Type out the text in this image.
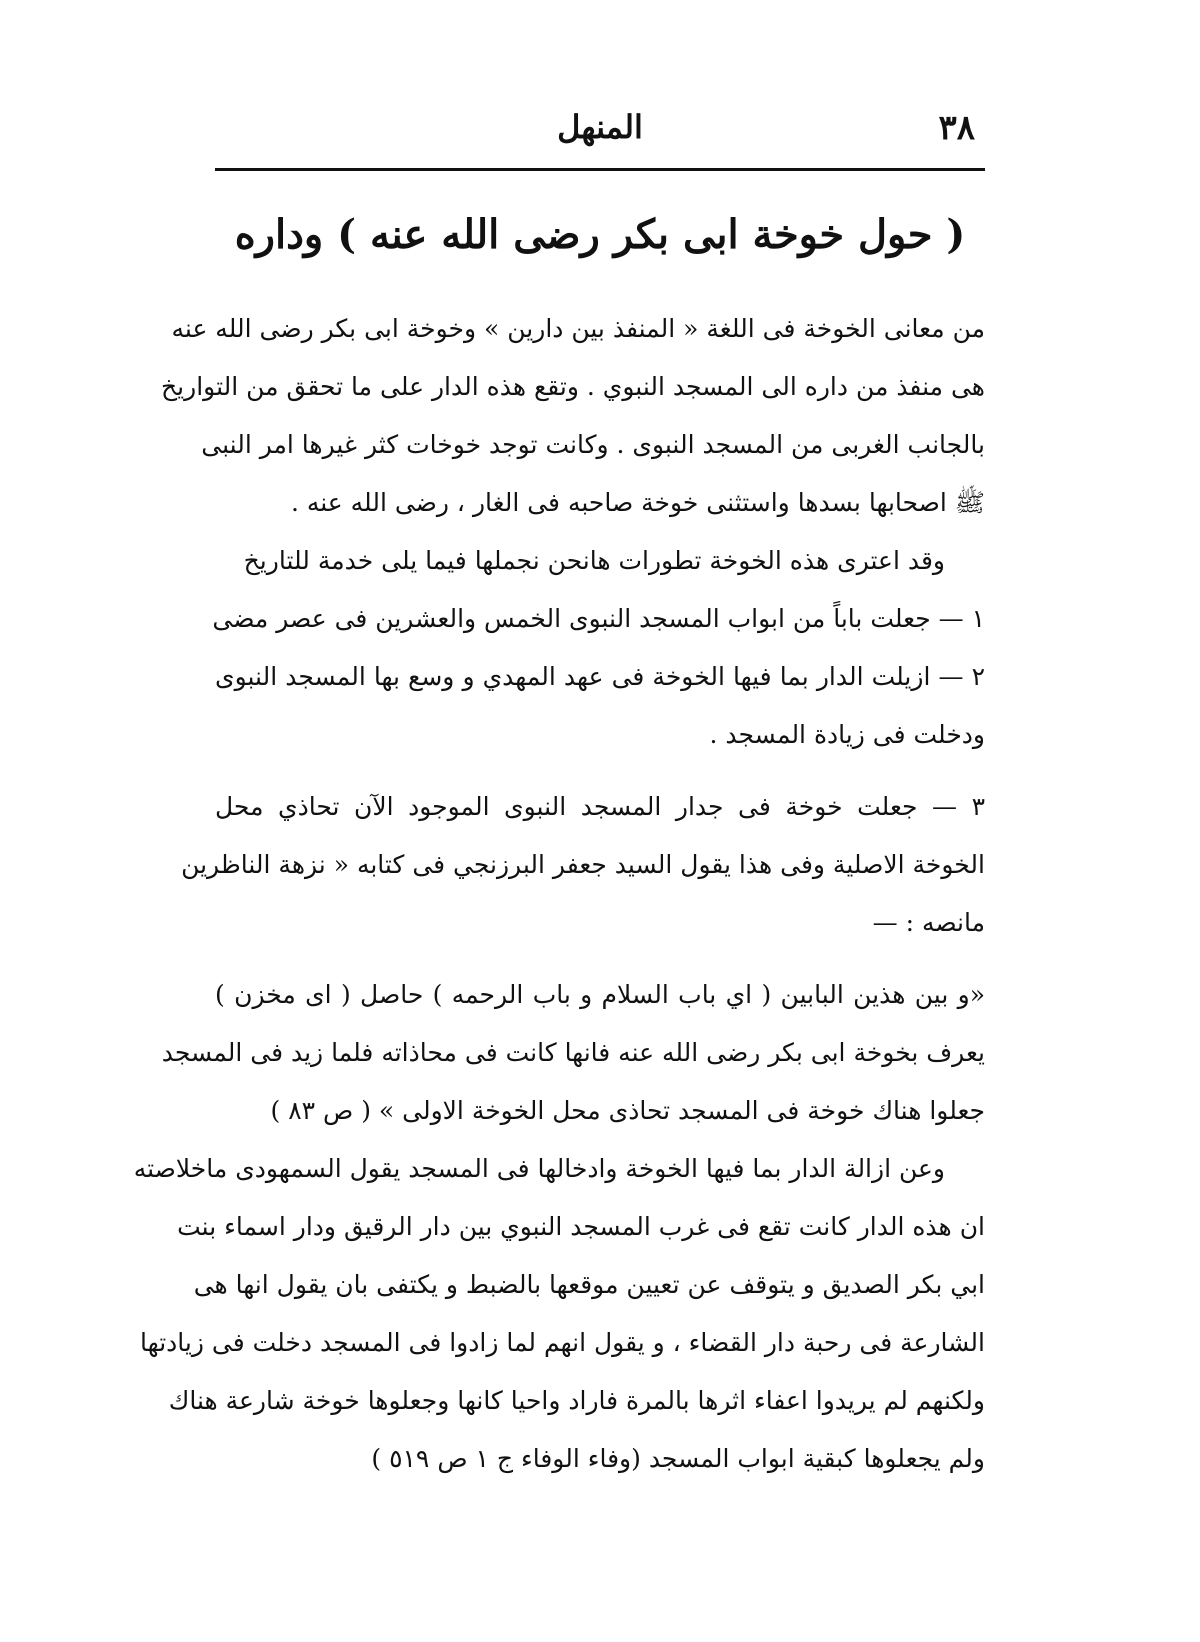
٣٨
المنهل
( حول خوخة ابى بكر رضى الله عنه ) وداره
من معانى الخوخة فى اللغة « المنفذ بين دارين » وخوخة ابى بكر رضى الله عنه
هى منفذ من داره الى المسجد النبوي . وتقع هذه الدار على ما تحقق من التواريخ
بالجانب الغربى من المسجد النبوى . وكانت توجد خوخات كثر غيرها امر النبى
ﷺ اصحابها بسدها واستثنى خوخة صاحبه فى الغار ، رضى الله عنه .
وقد اعترى هذه الخوخة تطورات هانحن نجملها فيما يلى خدمة للتاريخ
١ — جعلت باباً من ابواب المسجد النبوى الخمس والعشرين فى عصر مضى
٢ — ازيلت الدار بما فيها الخوخة فى عهد المهدي و وسع بها المسجد النبوى
ودخلت فى زيادة المسجد .
٣ — جعلت خوخة فى جدار المسجد النبوى الموجود الآن تحاذي محل
الخوخة الاصلية وفى هذا يقول السيد جعفر البرزنجي فى كتابه « نزهة الناظرين
مانصه : —
«و بين هذين البابين ( اي باب السلام و باب الرحمه ) حاصل ( اى مخزن )
يعرف بخوخة ابى بكر رضى الله عنه فانها كانت فى محاذاته فلما زيد فى المسجد
جعلوا هناك خوخة فى المسجد تحاذى محل الخوخة الاولى » ( ص ٨٣ )
وعن ازالة الدار بما فيها الخوخة وادخالها فى المسجد يقول السمهودى ماخلاصته
ان هذه الدار كانت تقع فى غرب المسجد النبوي بين دار الرقيق ودار اسماء بنت
ابي بكر الصديق و يتوقف عن تعيين موقعها بالضبط و يكتفى بان يقول انها هى
الشارعة فى رحبة دار القضاء ، و يقول انهم لما زادوا فى المسجد دخلت فى زيادتها
ولكنهم لم يريدوا اعفاء اثرها بالمرة فاراد واحيا كانها وجعلوها خوخة شارعة هناك
ولم يجعلوها كبقية ابواب المسجد (وفاء الوفاء ج ١ ص ٥١٩ )
